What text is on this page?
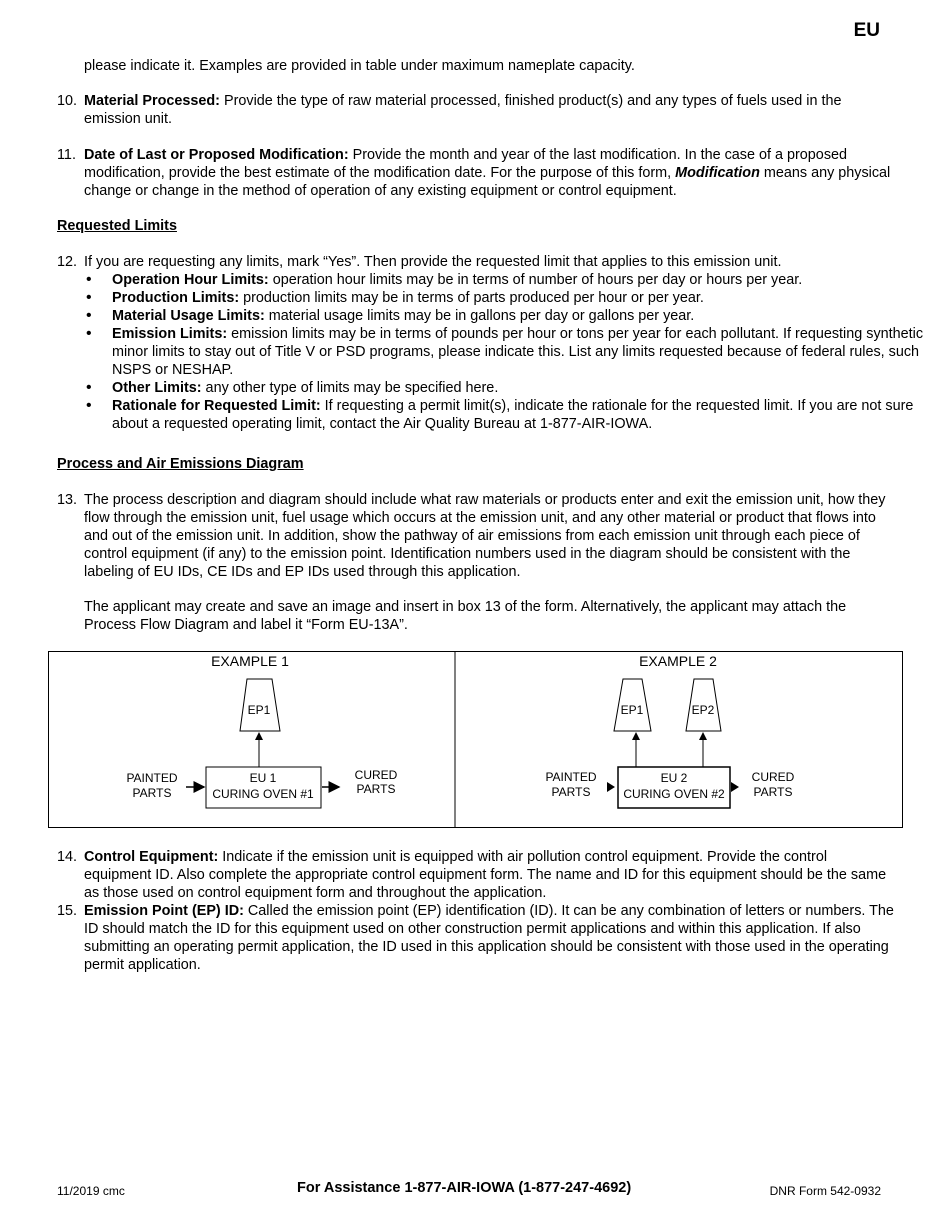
EU
please indicate it. Examples are provided in table under maximum nameplate capacity.
10. Material Processed: Provide the type of raw material processed, finished product(s) and any types of fuels used in the emission unit.
11. Date of Last or Proposed Modification: Provide the month and year of the last modification. In the case of a proposed modification, provide the best estimate of the modification date. For the purpose of this form, Modification means any physical change or change in the method of operation of any existing equipment or control equipment.
Requested Limits
12. If you are requesting any limits, mark “Yes”. Then provide the requested limit that applies to this emission unit.
• Operation Hour Limits: operation hour limits may be in terms of number of hours per day or hours per year.
• Production Limits: production limits may be in terms of parts produced per hour or per year.
• Material Usage Limits: material usage limits may be in gallons per day or gallons per year.
• Emission Limits: emission limits may be in terms of pounds per hour or tons per year for each pollutant. If requesting synthetic minor limits to stay out of Title V or PSD programs, please indicate this. List any limits requested because of federal rules, such NSPS or NESHAP.
• Other Limits: any other type of limits may be specified here.
• Rationale for Requested Limit: If requesting a permit limit(s), indicate the rationale for the requested limit. If you are not sure about a requested operating limit, contact the Air Quality Bureau at 1-877-AIR-IOWA.
Process and Air Emissions Diagram
13. The process description and diagram should include what raw materials or products enter and exit the emission unit, how they flow through the emission unit, fuel usage which occurs at the emission unit, and any other material or product that flows into and out of the emission unit. In addition, show the pathway of air emissions from each emission unit through each piece of control equipment (if any) to the emission point. Identification numbers used in the diagram should be consistent with the labeling of EU IDs, CE IDs and EP IDs used through this application.
The applicant may create and save an image and insert in box 13 of the form. Alternatively, the applicant may attach the Process Flow Diagram and label it “Form EU-13A”.
EXAMPLE 1
EP1
EU 1
CURING OVEN #1
PAINTED
PARTS
CURED
PARTS
EXAMPLE 2
EP1	EP2
EU 2
CURING OVEN #2
PAINTED
PARTS
CURED
PARTS
14. Control Equipment: Indicate if the emission unit is equipped with air pollution control equipment. Provide the control equipment ID. Also complete the appropriate control equipment form. The name and ID for this equipment should be the same as those used on control equipment form and throughout the application.
15. Emission Point (EP) ID: Called the emission point (EP) identification (ID). It can be any combination of letters or numbers. The ID should match the ID for this equipment used on other construction permit applications and within this application. If also submitting an operating permit application, the ID used in this application should be consistent with those used in the operating permit application.
11/2019 cmc	For Assistance 1-877-AIR-IOWA (1-877-247-4692)	DNR Form 542-0932
